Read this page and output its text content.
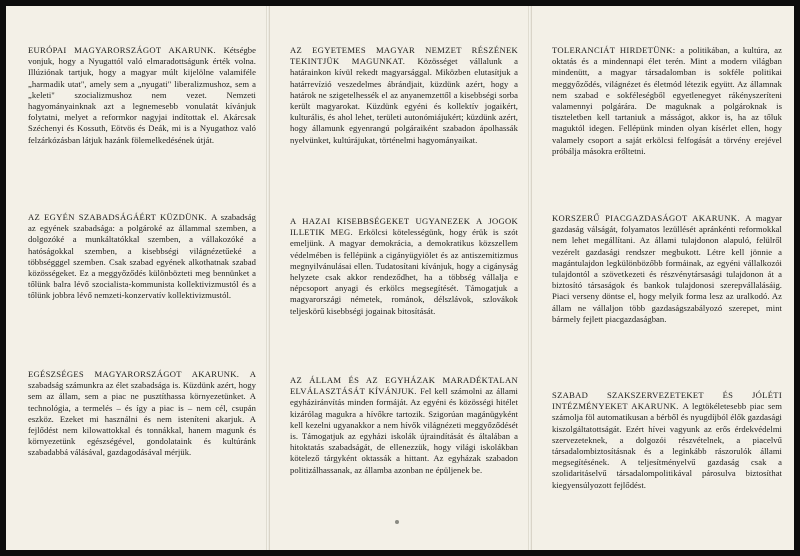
EURÓPAI MAGYARORSZÁGOT AKARUNK. Kétségbe vonjuk, hogy a Nyugattól való elmaradottságunk érték volna. Illúziónak tartjuk, hogy a magyar múlt kijelölne valamiféle „harmadik utat", amely sem a „nyugati" liberalizmushoz, sem a „keleti" szocializmushoz nem vezet. Nemzeti hagyományainknak azt a legnemesebb vonulatát kívánjuk folytatni, melyet a reformkor nagyjai indítottak el. Akárcsak Széchenyi és Kossuth, Eötvös és Deák, mi is a Nyugathoz való felzárkózásban látjuk hazánk fölemelkedésének útját.
AZ EGYÉN SZABADSÁGÁÉRT KÜZDÜNK. A szabadság az egyének szabadsága: a polgároké az állammal szemben, a dolgozóké a munkáltatókkal szemben, a vállakozóké a hatóságokkal szemben, a kisebbségi világnézetűeké a többségggel szemben. Csak szabad egyének alkothatnak szabad közösségeket. Ez a meggyőződés különbözteti meg bennünket a tőlünk balra lévő szocialista-kommunista kollektivizmustól és a tőlünk jobbra lévő nemzeti-konzervatív kollektivizmustól.
EGÉSZSÉGES MAGYARORSZÁGOT AKARUNK. A szabadság számunkra az élet szabadsága is. Küzdünk azért, hogy sem az állam, sem a piac ne pusztíthassa környezetünket. A technológia, a termelés – és így a piac is – nem cél, csupán eszköz. Ezeket mi használni és nem isteníteni akarjuk. A fejlődést nem kilowattokkal és tonnákkal, hanem magunk és környezetünk egészségével, gondolataink és kultúránk szabadabbá válásával, gazdagodásával mérjük.
AZ EGYETEMES MAGYAR NEMZET RÉSZÉNEK TEKINTJÜK MAGUNKAT. Közösséget vállalunk a határainkon kívül rekedt magyarsággal. Miközben elutasítjuk a határrevízió veszedelmes ábrándjait, küzdünk azért, hogy a határok ne szigetelhessék el az anyanemzettől a kisebbségi sorba került magyarokat. Küzdünk egyéni és kollektív jogaikért, kulturális, és ahol lehet, területi autonómiájukért; küzdünk azért, hogy államunk egyenrangú polgáraiként szabadon ápolhassák nyelvünket, kultúrájukat, történelmi hagyományaikat.
A HAZAI KISEBBSÉGEKET UGYANEZEK A JOGOK ILLETIK MEG. Erkölcsi kötelességünk, hogy érük is szót emeljünk. A magyar demokrácia, a demokratikus közszellem védelmében is fellépünk a cigányügyiölet és az antiszemitizmus megnyilvánulásai ellen. Tudatosítani kívánjuk, hogy a cigányság helyzete csak akkor rendeződhet, ha a többség vállalja e népcsoport anyagi és erkölcs megsegítését. Támogatjuk a magyarországi németek, románok, délszlávok, szlovákok teljeskörű kisebbségi jogainak bitosítását.
AZ ÁLLAM ÉS AZ EGYHÁZAK MARADÉKTALAN ELVÁLASZTÁSÁT KÍVÁNJUK. Fel kell számolni az állami egyháziránvítás minden formáját. Az egyéni és közösségi hitélet kizárólag magukra a hívőkre tartozik. Szigorúan magánügyként kell kezelni ugyanakkor a nem hívők világnézeti meggyőződését is. Támogatjuk az egyházi iskolák újraindítását és általában a hitoktatás szabadságát, de ellenezzük, hogy világi iskolákban kötelező tárgyként oktassák a hittant. Az egyházak szabadon politizálhassanak, az államba azonban ne épüljenek be.
TOLERANCIÁT HIRDETÜNK: a politikában, a kultúra, az oktatás és a mindennapi élet terén. Mint a modern világban mindenütt, a magyar társadalomban is sokféle politikai meggyőződés, világnézet és életmód létezik együtt. Az államnak nem szabad e sokféleségből egyetlenegyet rákényszeríteni valamennyi polgárára. De maguknak a polgároknak is tiszteletben kell tartaniuk a másságot, akkor is, ha az tőluk maguktól idegen. Fellépünk minden olyan kísérlet ellen, hogy valamely csoport a saját erkölcsi felfogását a törvény erejével próbálja másokra erőltetni.
KORSZERŰ PIACGAZDASÁGOT AKARUNK. A magyar gazdaság válságát, folyamatos lezüllését apránkénti reformokkal nem lehet megállítani. Az állami tulajdonon alapuló, felülről vezérelt gazdasági rendszer megbukott. Létre kell jönnie a magántulajdon legkülönbözőbb formáinak, az egyéni vállalkozói tulajdontól a szövetkezeti és részvénytársasági tulajdonon át a biztosító társaságok és bankok tulajdonosi szerepvállalásáig. Piaci verseny döntse el, hogy melyik forma lesz az uralkodó. Az állam ne vállaljon több gazdaságszabályozó szerepet, mint bármely fejlett piacgazdaságban.
SZABAD SZAKSZERVEZETEKET ÉS JÓLÉTI INTÉZMÉNYEKET AKARUNK. A legtökéletesebb piac sem számolja föl automatikusan a bérből és nyugdíjból élők gazdasági kiszolgáltatottságát. Ezért hívei vagyunk az erős érdekvédelmi szervezeteknek, a dolgozói részvételnek, a piacelvű társadalombiztosításnak és a leginkább rászorulók állami megsegítésének. A teljesítményelvű gazdaság csak a szolidaritáselvű társadalompolitikával párosulva biztosíthat kiegyensúlyozott fejlődést.
